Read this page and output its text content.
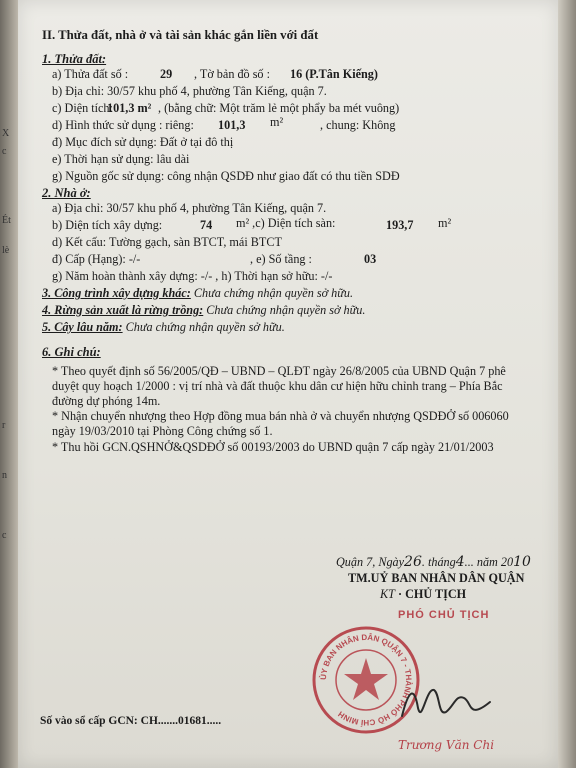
X
c
Ét
lè
r
n
c
II. Thửa đất, nhà ở và tài sản khác gắn liền với đất
1. Thửa đất:
a) Thửa đất số :	29 , Tờ bản đồ số : 16 (P.Tân Kiếng)
b) Địa chỉ: 30/57 khu phố 4, phường Tân Kiếng, quận 7.
c) Diện tích:
101,3 m² , (bằng chữ: Một trăm lẻ một phẩy ba mét vuông)
d) Hình thức sử dụng : riêng: 101,3 m²	, chung: Không
đ) Mục đích sử dụng: Đất ở tại đô thị
e) Thời hạn sử dụng: lâu dài
g) Nguồn gốc sử dụng: công nhận QSDĐ như giao đất có thu tiền SDĐ
2. Nhà ở:
a) Địa chỉ: 30/57 khu phố 4, phường Tân Kiếng, quận 7.
b) Diện tích xây dựng:	74 m² ,c) Diện tích sàn:	193,7 m²
d) Kết cấu: Tường gạch, sàn BTCT, mái BTCT
đ) Cấp (Hạng): -/-	, e) Số tầng :	03
g) Năm hoàn thành xây dựng: -/- , h) Thời hạn sở hữu: -/-
3. Công trình xây dựng khác: Chưa chứng nhận quyền sở hữu.
4. Rừng sản xuất là rừng trồng: Chưa chứng nhận quyền sở hữu.
5. Cây lâu năm: Chưa chứng nhận quyền sở hữu.
6. Ghi chú:
* Theo quyết định số 56/2005/QĐ – UBND – QLĐT ngày 26/8/2005 của UBND Quận 7 phê duyệt quy hoạch 1/2000 : vị trí nhà và đất thuộc khu dân cư hiện hữu chỉnh trang – Phía Bắc đường dự phóng 14m.
* Nhận chuyển nhượng theo Hợp đồng mua bán nhà ở và chuyển nhượng QSDĐỞ số 006060 ngày 19/03/2010 tại Phòng Công chứng số 1.
* Thu hồi GCN.QSHNỞ&QSDĐỞ số 00193/2003 do UBND quận 7 cấp ngày 21/01/2003
Quận 7, Ngày26. tháng4... năm 2010
TM.UỶ BAN NHÂN DÂN QUẬN
KT · CHỦ TỊCH
PHÓ CHỦ TỊCH
ỦY BAN NHÂN DÂN QUẬN 7 - THÀNH PHỐ HỒ CHÍ MINH
Trương Văn Chi
Số vào sổ cấp GCN: CH.......01681.....
